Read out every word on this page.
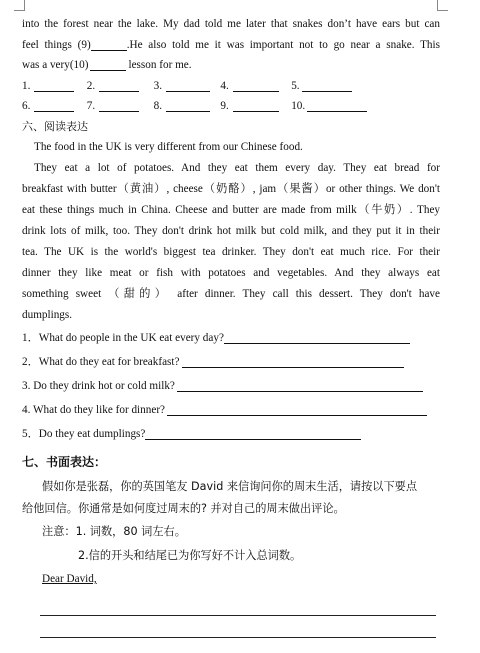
into the forest near the lake. My dad told me later that snakes don’t have ears but can
feel things (9)	.He also told me it was important not to go near a snake. This
was a very(10)	lesson for me.
1.	2.	3.	4.	5.
6.	7.	8.	9.	10.
六、阅读表达
The food in the UK is very different from our Chinese food.
They eat a lot of potatoes. And they eat them every day. They eat bread for
breakfast with butter（黄油）, cheese（奶酪）, jam（果酱）or other things. We don't
eat these things much in China. Cheese and butter are made from milk（牛奶）. They
drink lots of milk, too. They don't drink hot milk but cold milk, and they put it in their
tea. The UK is the world's biggest tea drinker. They don't eat much rice. For their
dinner they like meat or fish with potatoes and vegetables. And they always eat
something sweet （甜的） after dinner. They call this dessert. They don't have
dumplings.
1．What do people in the UK eat every day?
2．What do they eat for breakfast?
3. Do they drink hot or cold milk?
4. What do they like for dinner?
5．Do they eat dumplings?
七、书面表达：
假如你是张磊，你的英国笔友 David 来信询问你的周末生活，请按以下要点
给他回信。你通常是如何度过周末的? 并对自己的周末做出评论。
注意：1. 词数，80 词左右。
2.信的开头和结尾已为你写好不计入总词数。
Dear David,
